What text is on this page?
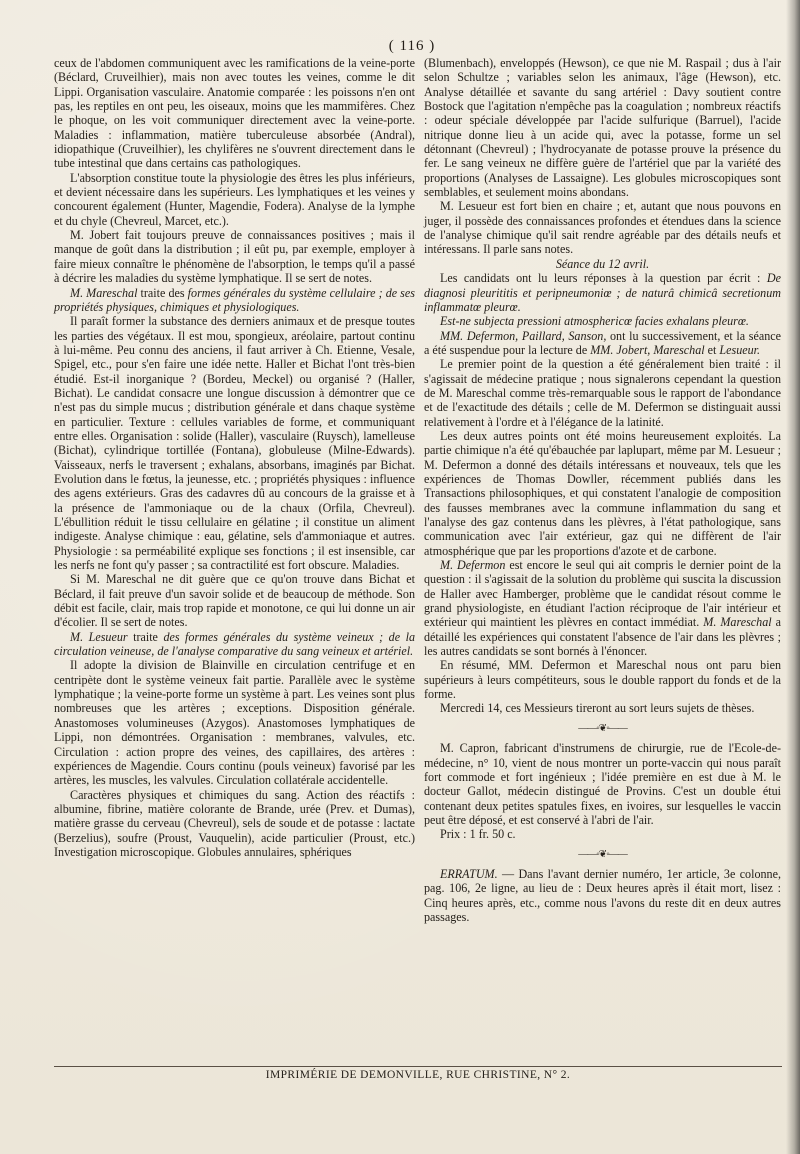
( 116 )

ceux de l'abdomen communiquent avec les ramifications de la veine-porte (Béclard, Cruveilhier), mais non avec toutes les veines, comme le dit Lippi. Organisation vasculaire. Anatomie comparée : les poissons n'en ont pas, les reptiles en ont peu, les oiseaux, moins que les mammifères. Chez le phoque, on les voit communiquer directement avec la veine-porte. Maladies : inflammation, matière tuberculeuse absorbée (Andral), idiopathique (Cruveilhier), les chylifères ne s'ouvrent directement dans le tube intestinal que dans certains cas pathologiques.

L'absorption constitue toute la physiologie des êtres les plus inférieurs, et devient nécessaire dans les supérieurs. Les lymphatiques et les veines y concourent également (Hunter, Magendie, Fodera). Analyse de la lymphe et du chyle (Chevreul, Marcet, etc.).

M. Jobert fait toujours preuve de connaissances positives ; mais il manque de goût dans la distribution ; il eût pu, par exemple, employer à faire mieux connaître le phénomène de l'absorption, le temps qu'il a passé à décrire les maladies du système lymphatique. Il se sert de notes.

M. Mareschal traite des formes générales du système cellulaire ; de ses propriétés physiques, chimiques et physiologiques.

Il paraît former la substance des derniers animaux et de presque toutes les parties des végétaux. Il est mou, spongieux, aréolaire, partout continu à lui-même. Peu connu des anciens, il faut arriver à Ch. Etienne, Vesale, Spigel, etc., pour s'en faire une idée nette. Haller et Bichat l'ont très-bien étudié. Est-il inorganique ? (Bordeu, Meckel) ou organisé ? (Haller, Bichat). Le candidat consacre une longue discussion à démontrer que ce n'est pas du simple mucus ; distribution générale et dans chaque système en particulier. Texture : cellules variables de forme, et communiquant entre elles. Organisation : solide (Haller), vasculaire (Ruysch), lamelleuse (Bichat), cylindrique tortillée (Fontana), globuleuse (Milne-Edwards). Vaisseaux, nerfs le traversent ; exhalans, absorbans, imaginés par Bichat. Evolution dans le fœtus, la jeunesse, etc. ; propriétés physiques : influence des agens extérieurs. Gras des cadavres dû au concours de la graisse et à la présence de l'ammoniaque ou de la chaux (Orfila, Chevreul). L'ébullition réduit le tissu cellulaire en gélatine ; il constitue un aliment indigeste. Analyse chimique : eau, gélatine, sels d'ammoniaque et autres. Physiologie : sa perméabilité explique ses fonctions ; il est insensible, car les nerfs ne font qu'y passer ; sa contractilité est fort obscure. Maladies.

Si M. Mareschal ne dit guère que ce qu'on trouve dans Bichat et Béclard, il fait preuve d'un savoir solide et de beaucoup de méthode. Son débit est facile, clair, mais trop rapide et monotone, ce qui lui donne un air d'écolier. Il se sert de notes.

M. Lesueur traite des formes générales du système veineux ; de la circulation veineuse, de l'analyse comparative du sang veineux et artériel.

Il adopte la division de Blainville en circulation centrifuge et en centripète dont le système veineux fait partie. Parallèle avec le système lymphatique ; la veine-porte forme un système à part. Les veines sont plus nombreuses que les artères ; exceptions. Disposition générale. Anastomoses volumineuses (Azygos). Anastomoses lymphatiques de Lippi, non démontrées. Organisation : membranes, valvules, etc. Circulation : action propre des veines, des capillaires, des artères : expériences de Magendie. Cours continu (pouls veineux) favorisé par les artères, les muscles, les valvules. Circulation collatérale accidentelle.

Caractères physiques et chimiques du sang. Action des réactifs : albumine, fibrine, matière colorante de Brande, urée (Prev. et Dumas), matière grasse du cerveau (Chevreul), sels de soude et de potasse : lactate (Berzelius), soufre (Proust, Vauquelin), acide particulier (Proust, etc.) Investigation microscopique. Globules annulaires, sphériques

(Blumenbach), enveloppés (Hewson), ce que nie M. Raspail ; dus à l'air selon Schultze ; variables selon les animaux, l'âge (Hewson), etc. Analyse détaillée et savante du sang artériel : Davy soutient contre Bostock que l'agitation n'empêche pas la coagulation ; nombreux réactifs : odeur spéciale développée par l'acide sulfurique (Barruel), l'acide nitrique donne lieu à un acide qui, avec la potasse, forme un sel détonnant (Chevreul) ; l'hydrocyanate de potasse prouve la présence du fer. Le sang veineux ne diffère guère de l'artériel que par la variété des proportions (Analyses de Lassaigne). Les globules microscopiques sont semblables, et seulement moins abondans.

M. Lesueur est fort bien en chaire ; et, autant que nous pouvons en juger, il possède des connaissances profondes et étendues dans la science de l'analyse chimique qu'il sait rendre agréable par des détails neufs et intéressans. Il parle sans notes.

Séance du 12 avril.

Les candidats ont lu leurs réponses à la question par écrit : De diagnosi pleurititis et peripneumoniœ ; de naturâ chimicâ secretionum inflammatœ pleurœ.

Est-ne subjecta pressioni atmosphericœ facies exhalans pleurœ.

MM. Defermon, Paillard, Sanson, ont lu successivement, et la séance a été suspendue pour la lecture de MM. Jobert, Mareschal et Lesueur.

Le premier point de la question a été généralement bien traité : il s'agissait de médecine pratique ; nous signalerons cependant la question de M. Mareschal comme très-remarquable sous le rapport de l'abondance et de l'exactitude des détails ; celle de M. Defermon se distinguait aussi relativement à l'ordre et à l'élégance de la latinité.

Les deux autres points ont été moins heureusement exploités. La partie chimique n'a été qu'ébauchée par laplupart, même par M. Lesueur ; M. Defermon a donné des détails intéressans et nouveaux, tels que les expériences de Thomas Dowller, récemment publiés dans les Transactions philosophiques, et qui constatent l'analogie de composition des fausses membranes avec la commune inflammation du sang et l'analyse des gaz contenus dans les plèvres, à l'état pathologique, sans communication avec l'air extérieur, gaz qui ne diffèrent de l'air atmosphérique que par les proportions d'azote et de carbone.

M. Defermon est encore le seul qui ait compris le dernier point de la question : il s'agissait de la solution du problème qui suscita la discussion de Haller avec Hamberger, problème que le candidat résout comme le grand physiologiste, en étudiant l'action réciproque de l'air intérieur et extérieur qui maintient les plèvres en contact immédiat. M. Mareschal a détaillé les expériences qui constatent l'absence de l'air dans les plèvres ; les autres candidats se sont bornés à l'énoncer.

En résumé, MM. Defermon et Mareschal nous ont paru bien supérieurs à leurs compétiteurs, sous le double rapport du fonds et de la forme.

Mercredi 14, ces Messieurs tireront au sort leurs sujets de thèses.

——◦❦◦——

M. Capron, fabricant d'instrumens de chirurgie, rue de l'Ecole-de-médecine, n° 10, vient de nous montrer un porte-vaccin qui nous paraît fort commode et fort ingénieux ; l'idée première en est due à M. le docteur Gallot, médecin distingué de Provins. C'est un double étui contenant deux petites spatules fixes, en ivoires, sur lesquelles le vaccin peut être déposé, et est conservé à l'abri de l'air.

Prix : 1 fr. 50 c.

——◦❦◦——

ERRATUM. — Dans l'avant dernier numéro, 1er article, 3e colonne, pag. 106, 2e ligne, au lieu de : Deux heures après il était mort, lisez : Cinq heures après, etc., comme nous l'avons du reste dit en deux autres passages.

IMPRIMÉRIE DE DEMONVILLE, RUE CHRISTINE, N° 2.
